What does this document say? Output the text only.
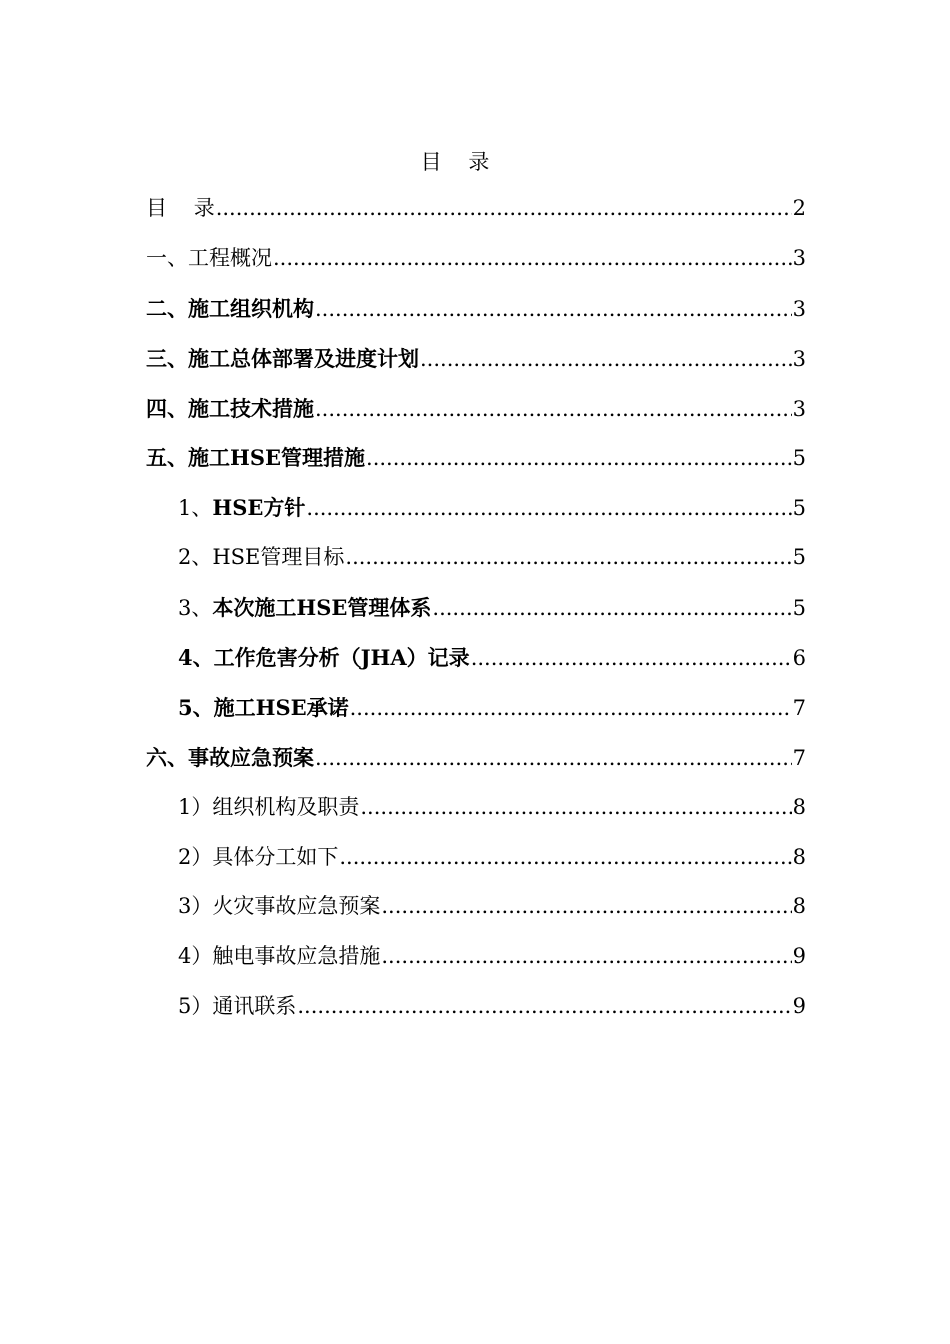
目    录
目    录 .....	2
一、工程概况 .....	3
二、施工组织机构 .....	3
三、施工总体部署及进度计划 .....	3
四、施工技术措施 .....	3
五、施工HSE管理措施 .....	5
1、 HSE方针 .....	5
2、HSE管理目标 .....	5
3、 本次施工HSE管理体系 .....	5
4、工作危害分析（JHA）记录 .....	6
5、施工HSE承诺 .....	7
六、事故应急预案 .....	7
1）组织机构及职责 .....	8
2）具体分工如下 .....	8
3）火灾事故应急预案 .....	8
4）触电事故应急措施 .....	9
5）通讯联系 .....	9
